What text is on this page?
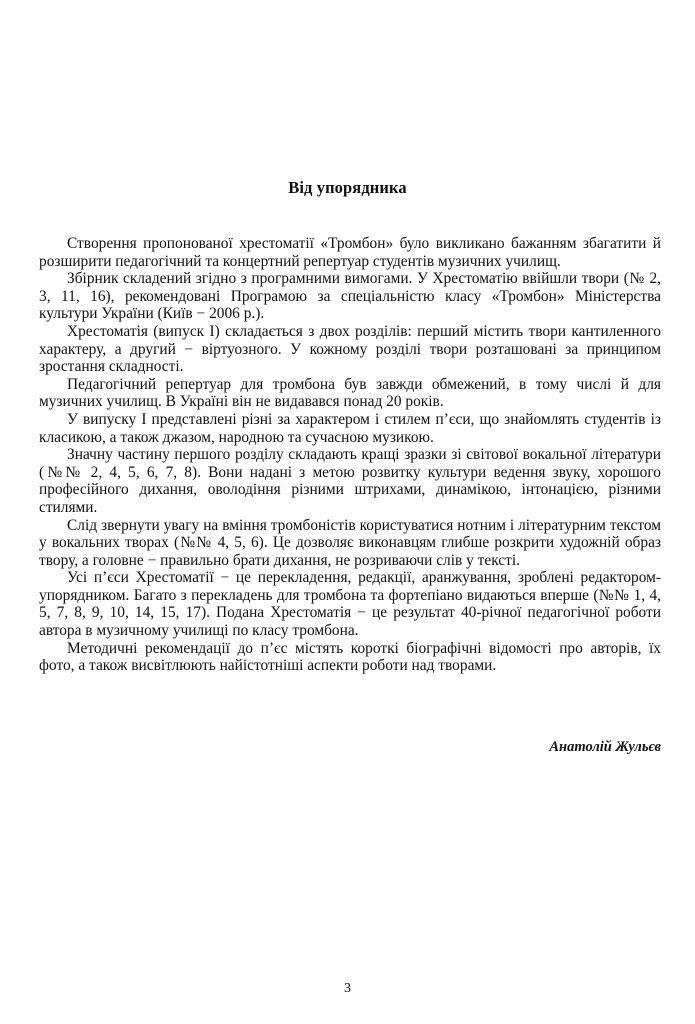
Від упорядника

Створення пропонованої хрестоматії «Тромбон» було викликано бажанням збагатити й розширити педагогічний та концертний репертуар студентів музичних училищ.

Збірник складений згідно з програмними вимогами. У Хрестоматію ввійшли твори (№ 2, 3, 11, 16), рекомендовані Програмою за спеціальністю класу «Тромбон» Міністерства культури України (Київ − 2006 р.).

Хрестоматія (випуск I) складається з двох розділів: перший містить твори кантиленного характеру, а другий − віртуозного. У кожному розділі твори розташовані за принципом зростання складності.

Педагогічний репертуар для тромбона був завжди обмежений, в тому числі й для музичних училищ. В Україні він не видавався понад 20 років.

У випуску I представлені різні за характером і стилем п’єси, що знайомлять студентів із класикою, а також джазом, народною та сучасною музикою.

Значну частину першого розділу складають кращі зразки зі світової вокальної літератури (№№ 2, 4, 5, 6, 7, 8). Вони надані з метою розвитку культури ведення звуку, хорошого професійного дихання, оволодіння різними штрихами, динамікою, інтонацією, різними стилями.

Слід звернути увагу на вміння тромбоністів користуватися нотним і літературним текстом у вокальних творах (№№ 4, 5, 6). Це дозволяє виконавцям глибше розкрити художній образ твору, а головне − правильно брати дихання, не розриваючи слів у тексті.

Усі п’єси Хрестоматії − це перекладення, редакції, аранжування, зроблені редактором-упорядником. Багато з перекладень для тромбона та фортепіано видаються вперше (№№ 1, 4, 5, 7, 8, 9, 10, 14, 15, 17). Подана Хрестоматія − це результат 40-річної педагогічної роботи автора в музичному училищі по класу тромбона.

Методичні рекомендації до п’єс містять короткі біографічні відомості про авторів, їх фото, а також висвітлюють найістотніші аспекти роботи над творами.

Анатолій Жульєв
3
